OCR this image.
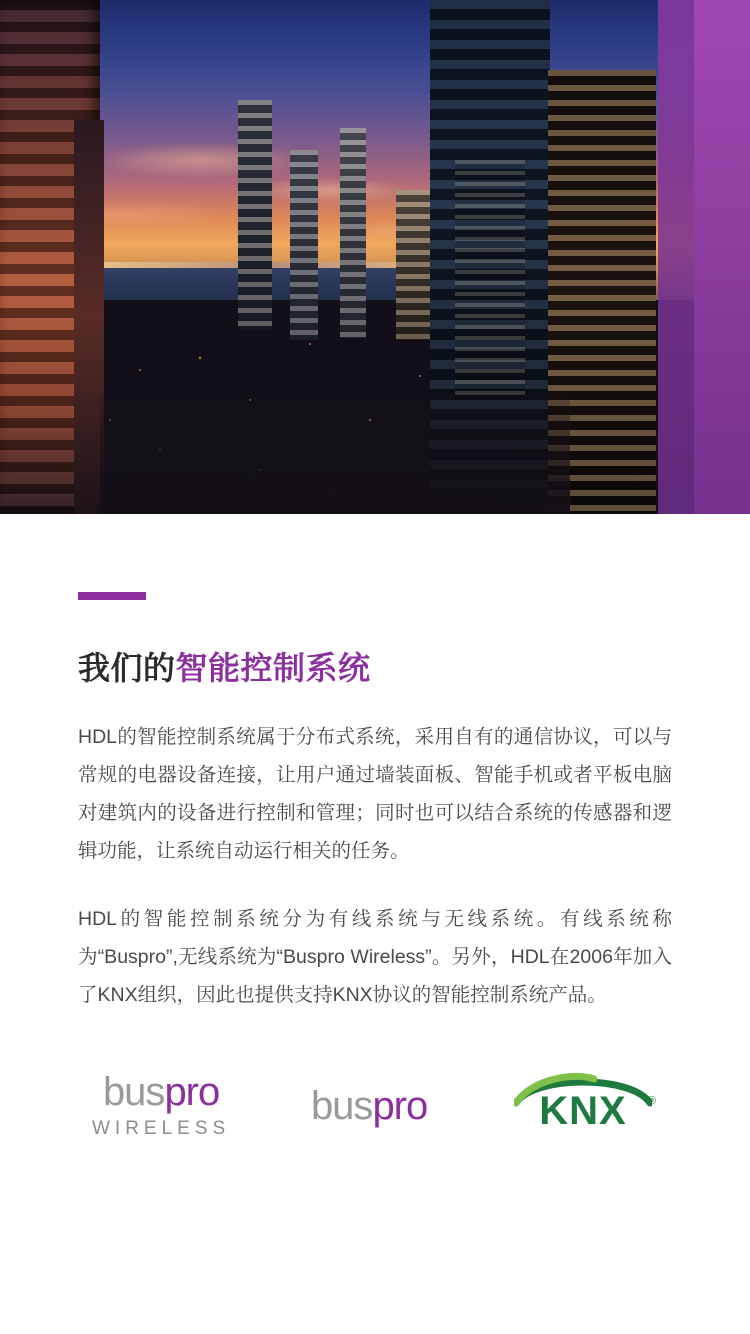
我们的智能控制系统

HDL的智能控制系统属于分布式系统，采用自有的通信协议，可以与常规的电器设备连接，让用户通过墙装面板、智能手机或者平板电脑对建筑内的设备进行控制和管理；同时也可以结合系统的传感器和逻辑功能，让系统自动运行相关的任务。

HDL的智能控制系统分为有线系统与无线系统。有线系统称为“Buspro”,无线系统为“Buspro Wireless”。另外，HDL在2006年加入了KNX组织，因此也提供支持KNX协议的智能控制系统产品。

buspro
WIRELESS
buspro	KNX	®
